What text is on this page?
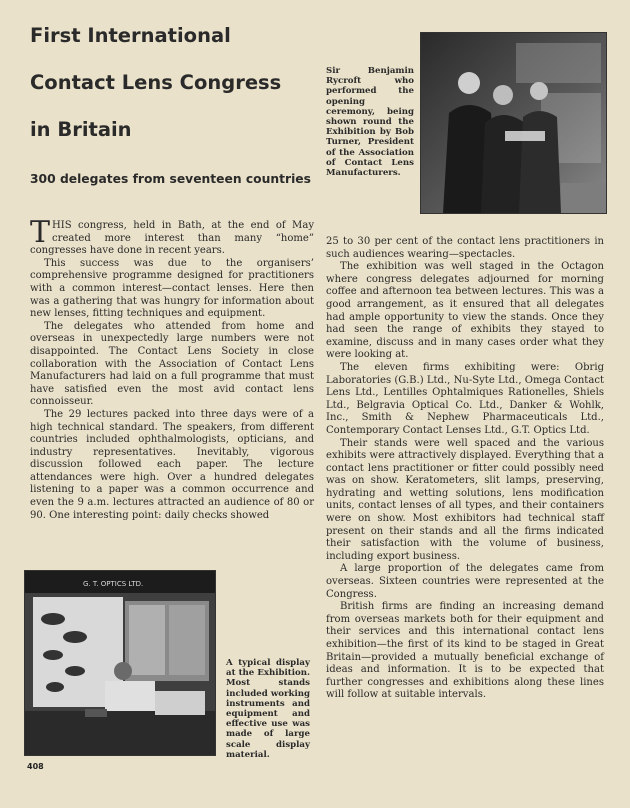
First International
Contact Lens Congress
in Britain
300 delegates from seventeen countries
Sir Benjamin Rycroft who performed the opening ceremony, being shown round the Exhibition by Bob Turner, President of the Association of Contact Lens Manufacturers.

THIS congress, held in Bath, at the end of May created more interest than many “home” congresses have done in recent years.

This success was due to the organisers’ comprehensive programme designed for practitioners with a common interest—contact lenses. Here then was a gathering that was hungry for information about new lenses, fitting techniques and equipment.

The delegates who attended from home and overseas in unexpectedly large numbers were not disappointed. The Contact Lens Society in close collaboration with the Association of Contact Lens Manufacturers had laid on a full programme that must have satisfied even the most avid contact lens connoisseur.

The 29 lectures packed into three days were of a high technical standard. The speakers, from different countries included ophthalmologists, opticians, and industry representatives. Inevitably, vigorous discussion followed each paper. The lecture attendances were high. Over a hundred delegates listening to a paper was a common occurrence and even the 9 a.m. lectures attracted an audience of 80 or 90. One interesting point: daily checks showed

G. T. OPTICS LTD.
A typical display at the Exhibition. Most stands included working instruments and equipment and effective use was made of large scale display material.

25 to 30 per cent of the contact lens practitioners in such audiences wearing—spectacles.

The exhibition was well staged in the Octagon where congress delegates adjourned for morning coffee and afternoon tea between lectures. This was a good arrangement, as it ensured that all delegates had ample opportunity to view the stands. Once they had seen the range of exhibits they stayed to examine, discuss and in many cases order what they were looking at.

The eleven firms exhibiting were: Obrig Laboratories (G.B.) Ltd., Nu-Syte Ltd., Omega Contact Lens Ltd., Lentilles Ophtalmiques Rationelles, Shiels Ltd., Belgravia Optical Co. Ltd., Danker & Wohlk, Inc., Smith & Nephew Pharmaceuticals Ltd., Contemporary Contact Lenses Ltd., G.T. Optics Ltd.

Their stands were well spaced and the various exhibits were attractively displayed. Everything that a contact lens practitioner or fitter could possibly need was on show. Keratometers, slit lamps, preserving, hydrating and wetting solutions, lens modification units, contact lenses of all types, and their containers were on show. Most exhibitors had technical staff present on their stands and all the firms indicated their satisfaction with the volume of business, including export business.

A large proportion of the delegates came from overseas. Sixteen countries were represented at the Congress.

British firms are finding an increasing demand from overseas markets both for their equipment and their services and this international contact lens exhibition—the first of its kind to be staged in Great Britain—provided a mutually beneficial exchange of ideas and information. It is to be expected that further congresses and exhibitions along these lines will follow at suitable intervals.

408
